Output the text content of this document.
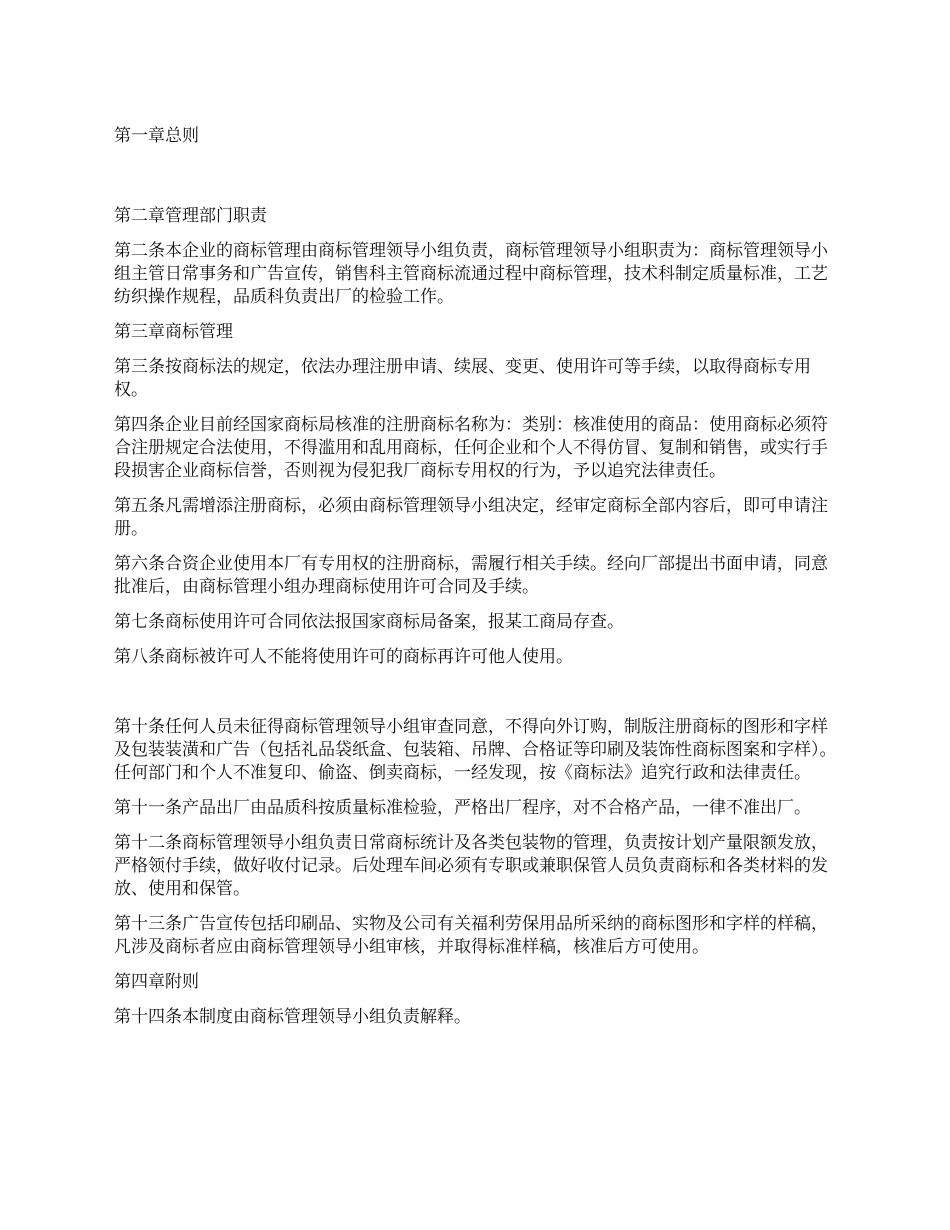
第一章总则

第二章管理部门职责

第二条本企业的商标管理由商标管理领导小组负责，商标管理领导小组职责为：商标管理领导小组主管日常事务和广告宣传，销售科主管商标流通过程中商标管理，技术科制定质量标准，工艺纺织操作规程，品质科负责出厂的检验工作。

第三章商标管理

第三条按商标法的规定，依法办理注册申请、续展、变更、使用许可等手续，以取得商标专用权。

第四条企业目前经国家商标局核准的注册商标名称为：类别：核准使用的商品：使用商标必须符合注册规定合法使用，不得滥用和乱用商标，任何企业和个人不得仿冒、复制和销售，或实行手段损害企业商标信誉，否则视为侵犯我厂商标专用权的行为，予以追究法律责任。

第五条凡需增添注册商标，必须由商标管理领导小组决定，经审定商标全部内容后，即可申请注册。

第六条合资企业使用本厂有专用权的注册商标，需履行相关手续。经向厂部提出书面申请，同意批准后，由商标管理小组办理商标使用许可合同及手续。

第七条商标使用许可合同依法报国家商标局备案，报某工商局存查。

第八条商标被许可人不能将使用许可的商标再许可他人使用。

第十条任何人员未征得商标管理领导小组审查同意，不得向外订购，制版注册商标的图形和字样及包装装潢和广告（包括礼品袋纸盒、包装箱、吊牌、合格证等印刷及装饰性商标图案和字样）。任何部门和个人不准复印、偷盗、倒卖商标，一经发现，按《商标法》追究行政和法律责任。

第十一条产品出厂由品质科按质量标准检验，严格出厂程序，对不合格产品，一律不准出厂。

第十二条商标管理领导小组负责日常商标统计及各类包装物的管理，负责按计划产量限额发放，严格领付手续，做好收付记录。后处理车间必须有专职或兼职保管人员负责商标和各类材料的发放、使用和保管。

第十三条广告宣传包括印刷品、实物及公司有关福利劳保用品所采纳的商标图形和字样的样稿，凡涉及商标者应由商标管理领导小组审核，并取得标准样稿，核准后方可使用。

第四章附则

第十四条本制度由商标管理领导小组负责解释。
